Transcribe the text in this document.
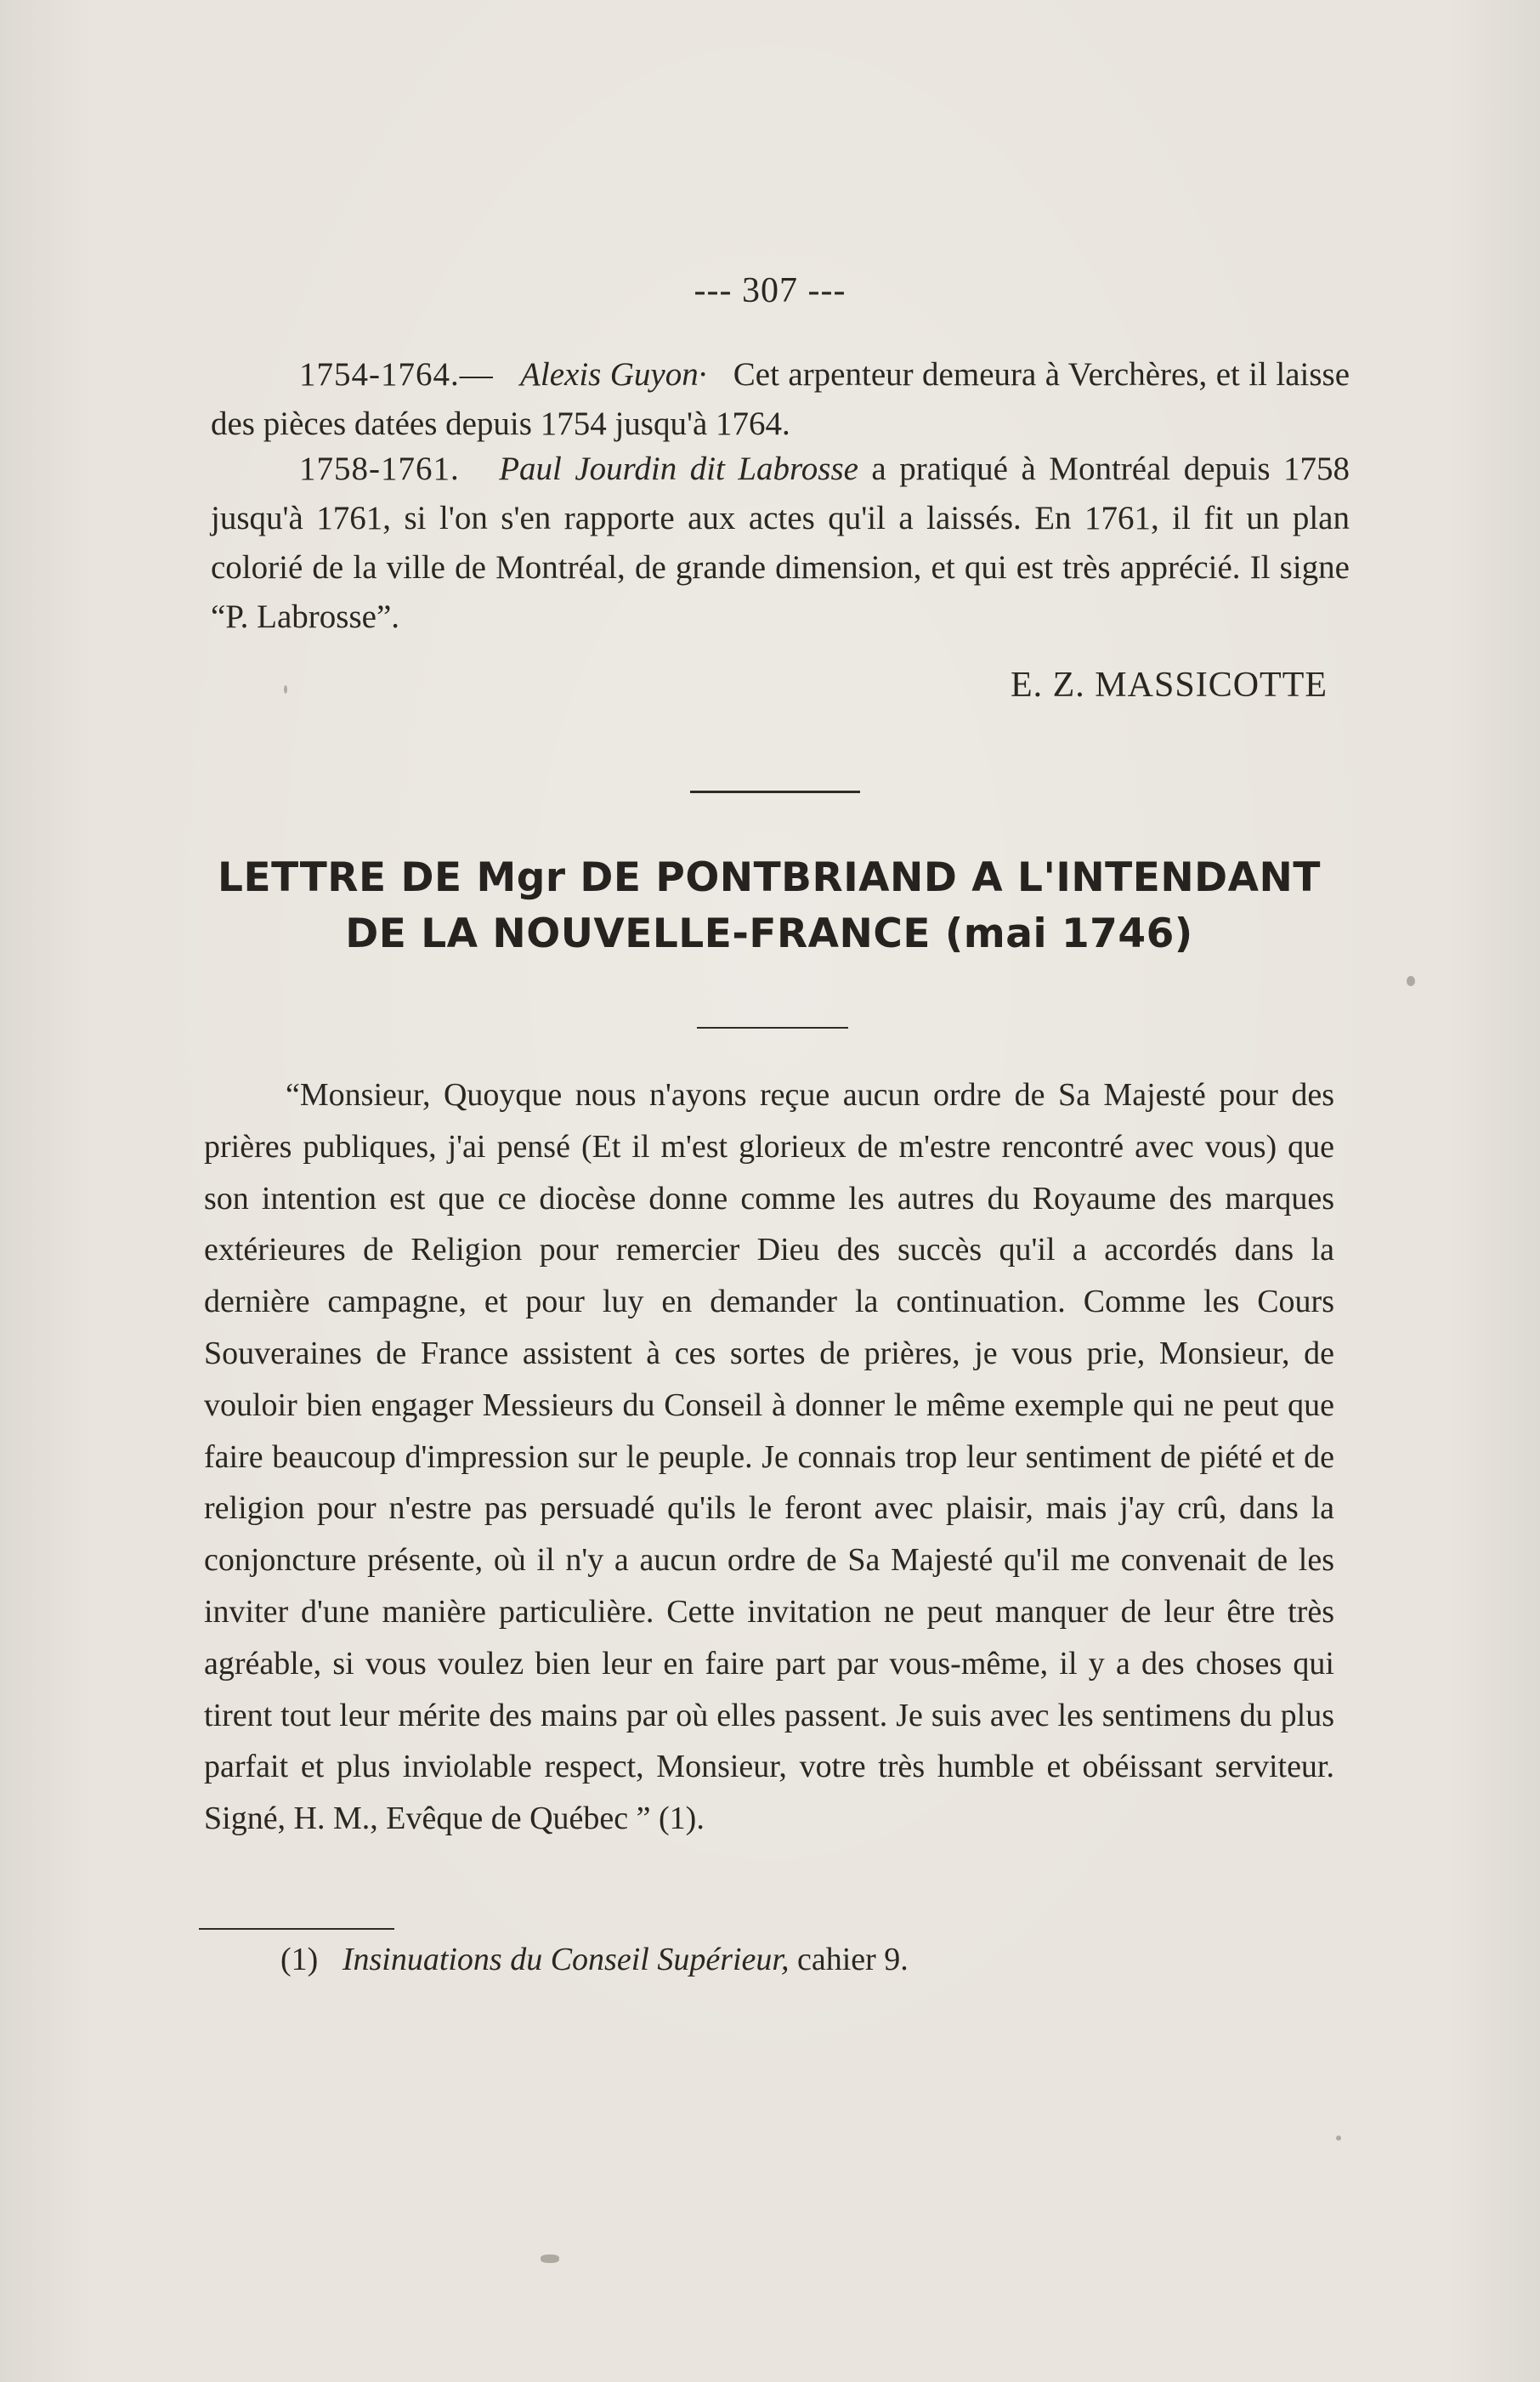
--- 307 ---

1754-1764.— Alexis Guyon· Cet arpenteur demeura à Verchères, et il laisse des pièces datées depuis 1754 jusqu'à 1764.

1758-1761. Paul Jourdin dit Labrosse a pratiqué à Montréal depuis 1758 jusqu'à 1761, si l'on s'en rapporte aux actes qu'il a laissés. En 1761, il fit un plan colorié de la ville de Montréal, de grande dimension, et qui est très apprécié. Il signe “P. Labrosse”.

E. Z. MASSICOTTE
LETTRE DE Mgr DE PONTBRIAND A L'INTENDANT
DE LA NOUVELLE-FRANCE (mai 1746)

“Monsieur, Quoyque nous n'ayons reçue aucun ordre de Sa Majesté pour des prières publiques, j'ai pensé (Et il m'est glorieux de m'estre rencontré avec vous) que son intention est que ce diocèse donne comme les autres du Royaume des marques extérieures de Religion pour remercier Dieu des succès qu'il a accordés dans la dernière campagne, et pour luy en demander la continuation. Comme les Cours Souveraines de France assistent à ces sortes de prières, je vous prie, Monsieur, de vouloir bien engager Messieurs du Conseil à donner le même exemple qui ne peut que faire beaucoup d'impression sur le peuple. Je connais trop leur sentiment de piété et de religion pour n'estre pas persuadé qu'ils le feront avec plaisir, mais j'ay crû, dans la conjoncture présente, où il n'y a aucun ordre de Sa Majesté qu'il me convenait de les inviter d'une manière particulière. Cette invitation ne peut manquer de leur être très agréable, si vous voulez bien leur en faire part par vous-même, il y a des choses qui tirent tout leur mérite des mains par où elles passent. Je suis avec les sentimens du plus parfait et plus inviolable respect, Monsieur, votre très humble et obéissant serviteur. Signé, H. M., Evêque de Québec ” (1).

(1) Insinuations du Conseil Supérieur, cahier 9.
